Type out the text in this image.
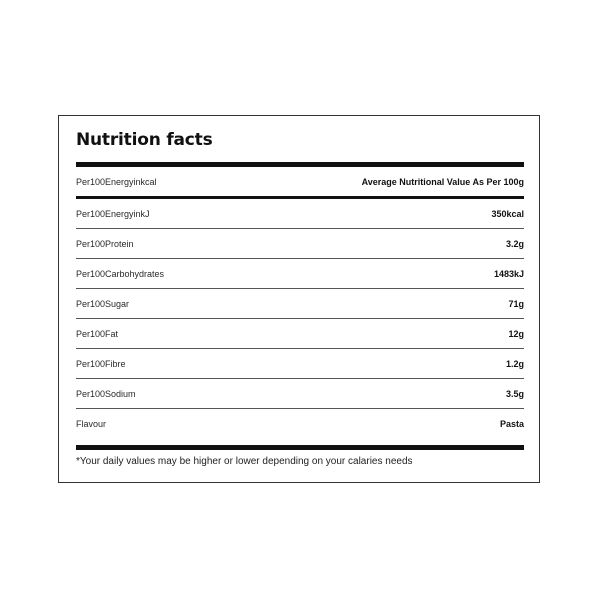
Nutrition facts
Per100Energyinkcal	Average Nutritional Value As Per 100g
Per100EnergyinkJ	350kcal
Per100Protein	3.2g
Per100Carbohydrates	1483kJ
Per100Sugar	71g
Per100Fat	12g
Per100Fibre	1.2g
Per100Sodium	3.5g
Flavour	Pasta

*Your daily values may be higher or lower depending on your calaries needs
